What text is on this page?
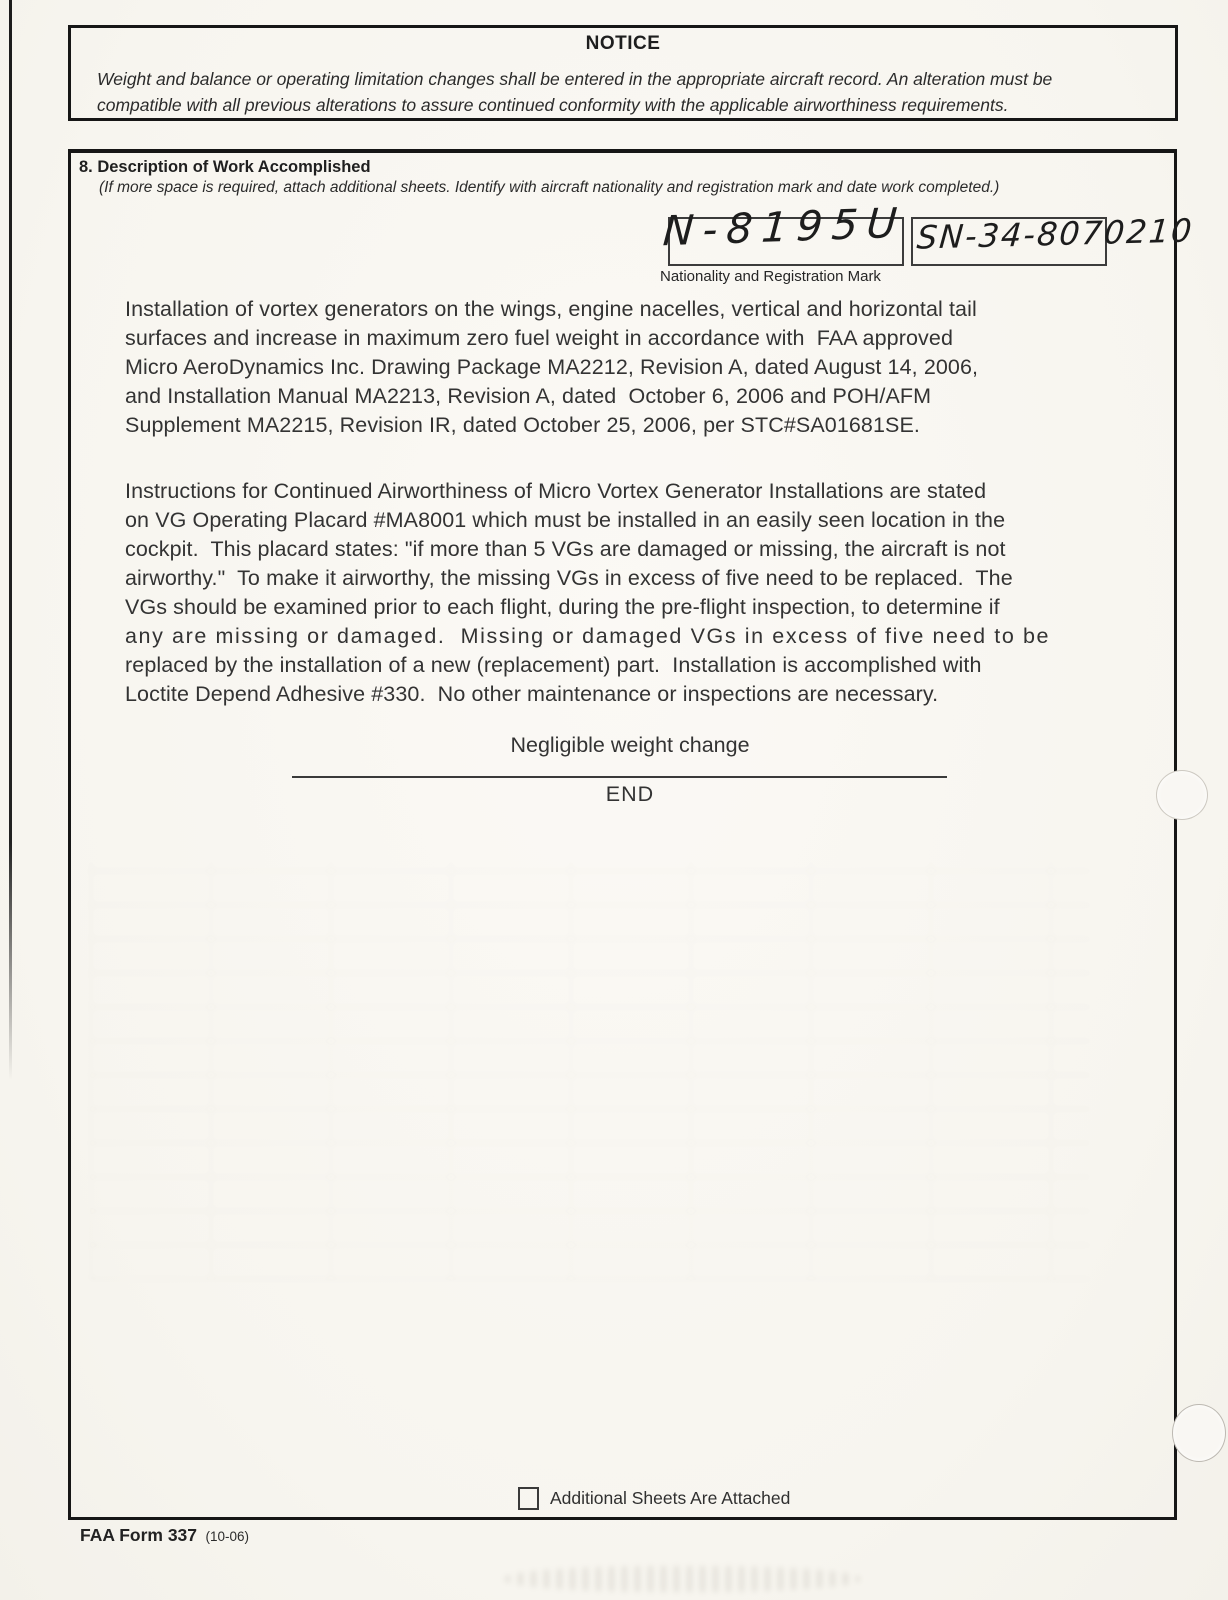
NOTICE
Weight and balance or operating limitation changes shall be entered in the appropriate aircraft record. An alteration must be
compatible with all previous alterations to assure continued conformity with the applicable airworthiness requirements.
8. Description of Work Accomplished
(If more space is required, attach additional sheets. Identify with aircraft nationality and registration mark and date work completed.)
N-8195U SN-34-8070210
Nationality and Registration Mark
Installation of vortex generators on the wings, engine nacelles, vertical and horizontal tail
surfaces and increase in maximum zero fuel weight in accordance with  FAA approved
Micro AeroDynamics Inc. Drawing Package MA2212, Revision A, dated August 14, 2006,
and Installation Manual MA2213, Revision A, dated  October 6, 2006 and POH/AFM
Supplement MA2215, Revision IR, dated October 25, 2006, per STC#SA01681SE.
Instructions for Continued Airworthiness of Micro Vortex Generator Installations are stated
on VG Operating Placard #MA8001 which must be installed in an easily seen location in the
cockpit.  This placard states: "if more than 5 VGs are damaged or missing, the aircraft is not
airworthy."  To make it airworthy, the missing VGs in excess of five need to be replaced.  The
VGs should be examined prior to each flight, during the pre-flight inspection, to determine if
any are missing or damaged.  Missing or damaged VGs in excess of five need to be
replaced by the installation of a new (replacement) part.  Installation is accomplished with
Loctite Depend Adhesive #330.  No other maintenance or inspections are necessary.
Negligible weight change
END
Additional Sheets Are Attached
FAA Form 337 (10-06)
